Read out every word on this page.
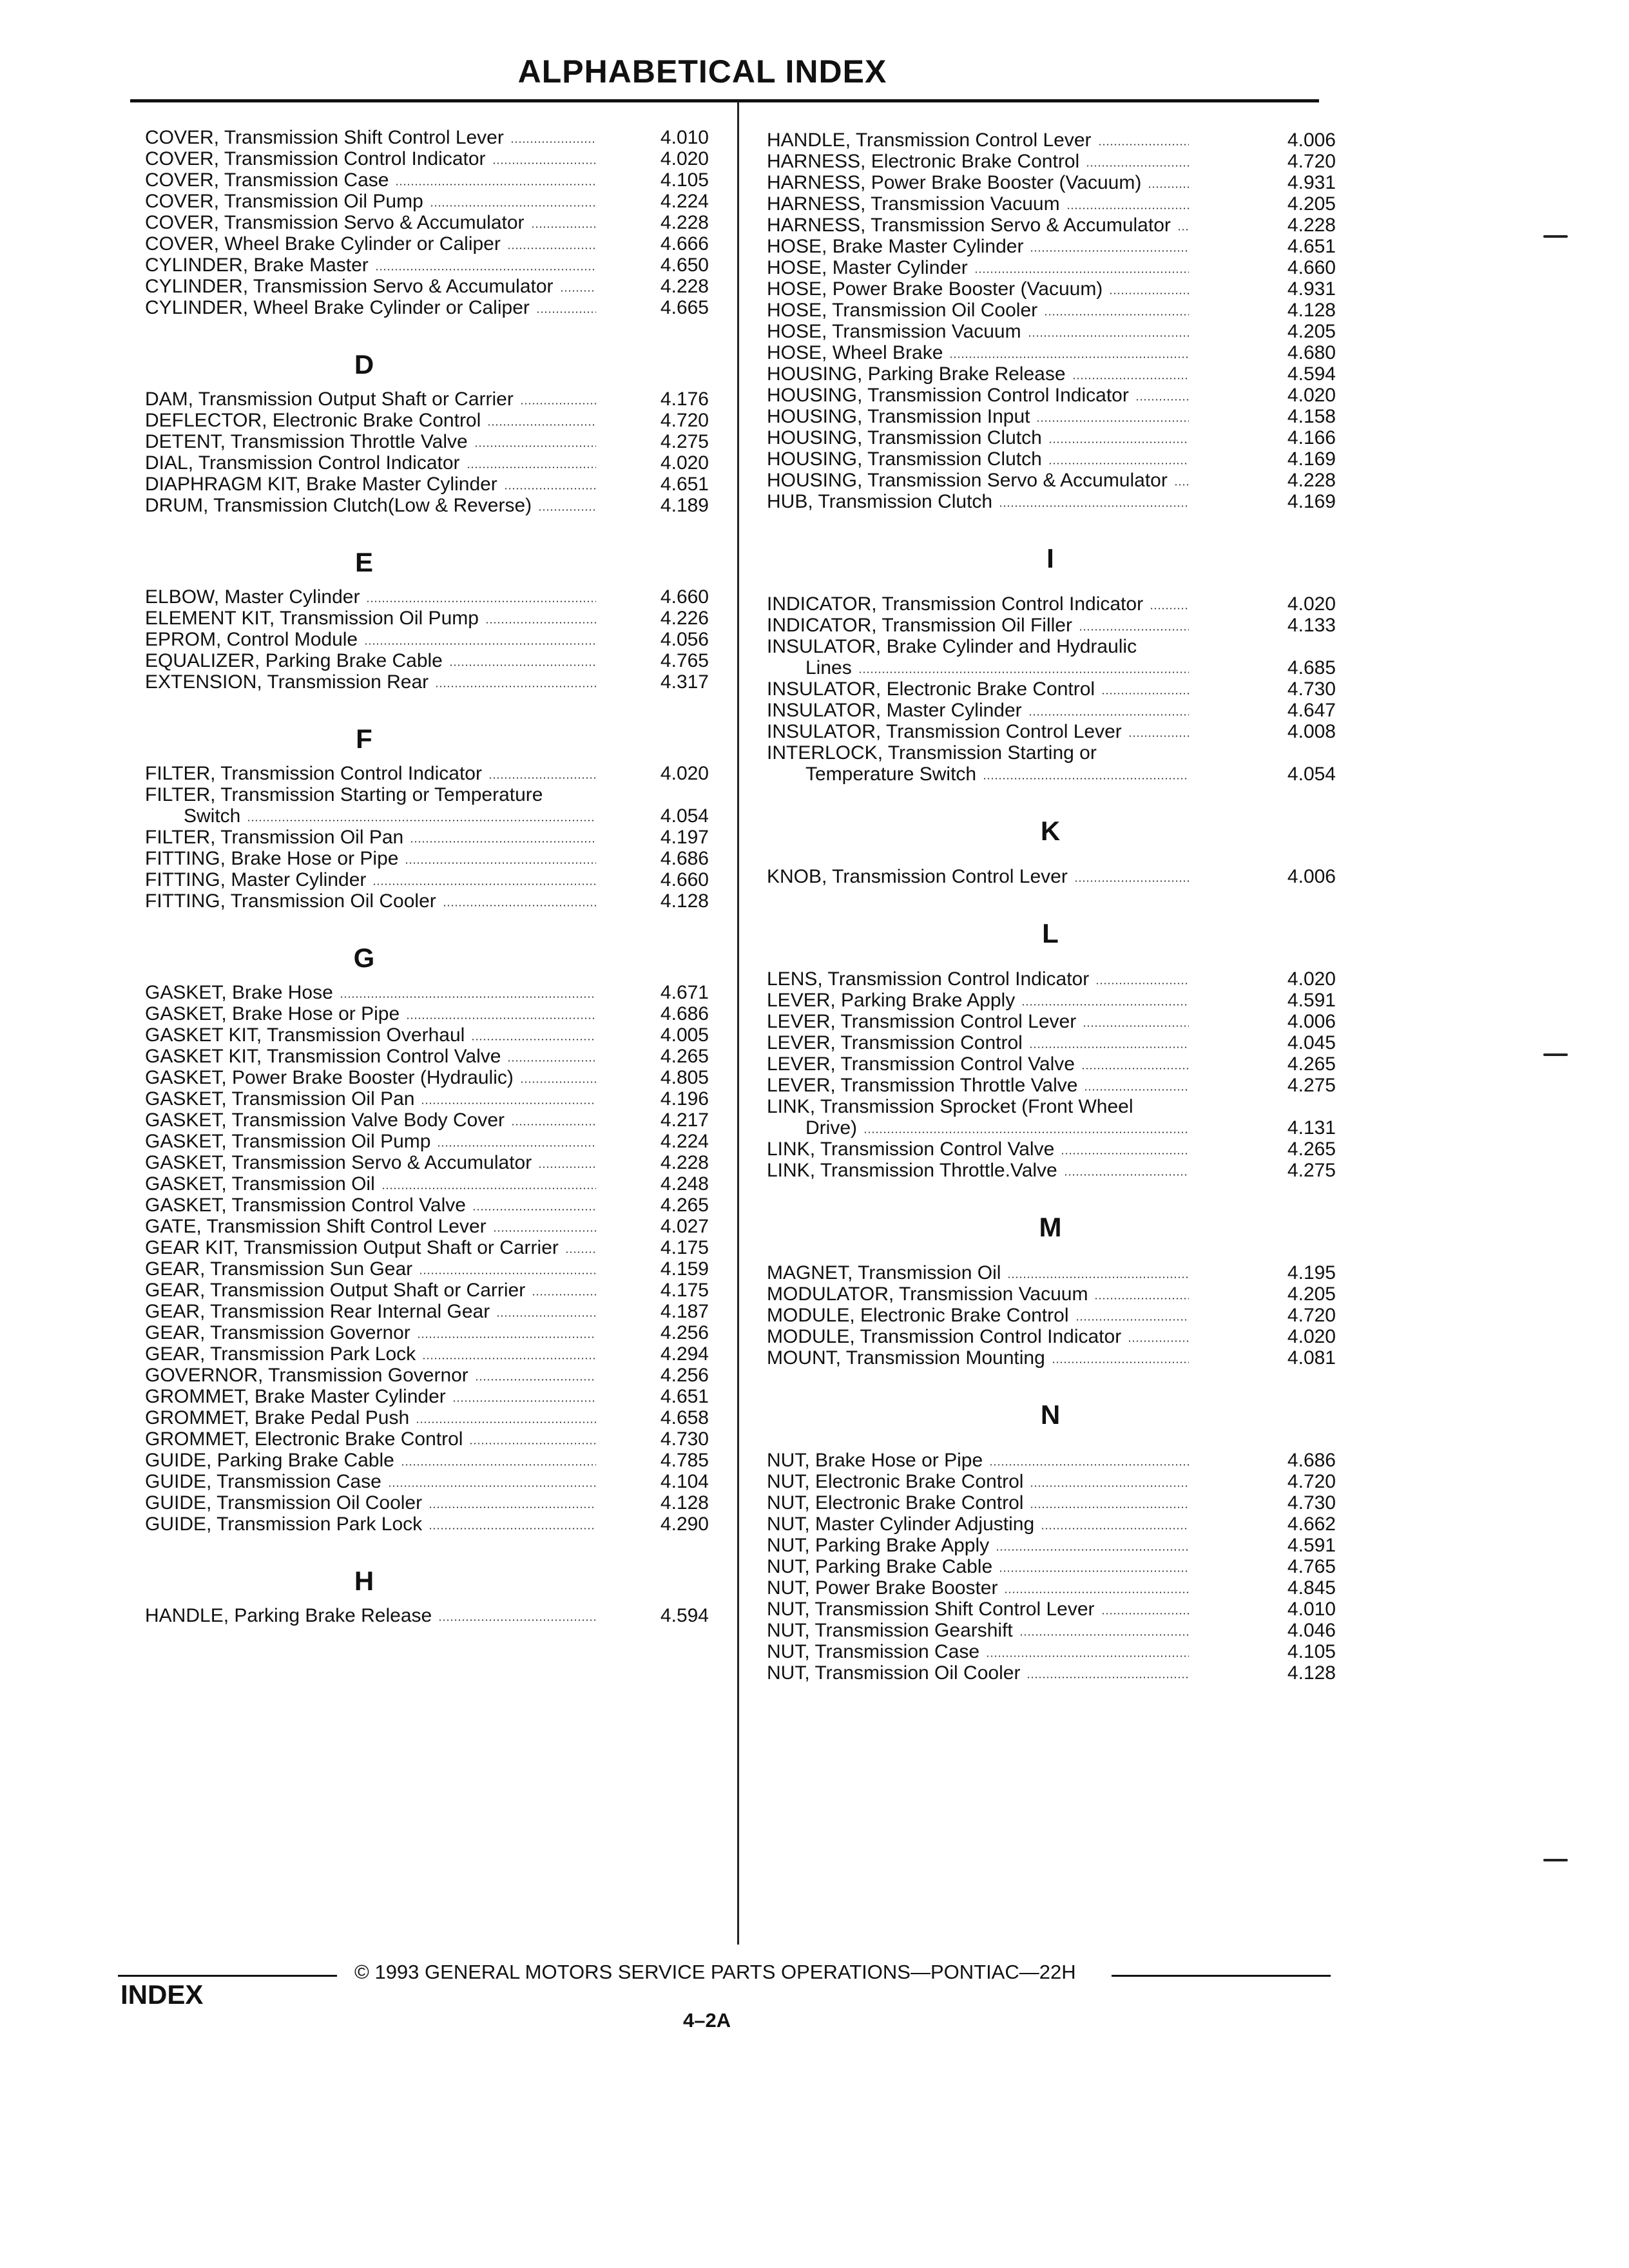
ALPHABETICAL INDEX
COVER, Transmission Shift Control Lever	4.010
COVER, Transmission Control Indicator	4.020
COVER, Transmission Case	4.105
COVER, Transmission Oil Pump	4.224
COVER, Transmission Servo & Accumulator	4.228
COVER, Wheel Brake Cylinder or Caliper	4.666
CYLINDER, Brake Master	4.650
CYLINDER, Transmission Servo & Accumulator	4.228
CYLINDER, Wheel Brake Cylinder or Caliper	4.665
D
DAM, Transmission Output Shaft or Carrier	4.176
DEFLECTOR, Electronic Brake Control	4.720
DETENT, Transmission Throttle Valve	4.275
DIAL, Transmission Control Indicator	4.020
DIAPHRAGM KIT, Brake Master Cylinder	4.651
DRUM, Transmission Clutch(Low & Reverse)	4.189
E
ELBOW, Master Cylinder	4.660
ELEMENT KIT, Transmission Oil Pump	4.226
EPROM, Control Module	4.056
EQUALIZER, Parking Brake Cable	4.765
EXTENSION, Transmission Rear	4.317
F
FILTER, Transmission Control Indicator	4.020
FILTER, Transmission Starting or Temperature
Switch	4.054
FILTER, Transmission Oil Pan	4.197
FITTING, Brake Hose or Pipe	4.686
FITTING, Master Cylinder	4.660
FITTING, Transmission Oil Cooler	4.128
G
GASKET, Brake Hose	4.671
GASKET, Brake Hose or Pipe	4.686
GASKET KIT, Transmission Overhaul	4.005
GASKET KIT, Transmission Control Valve	4.265
GASKET, Power Brake Booster (Hydraulic)	4.805
GASKET, Transmission Oil Pan	4.196
GASKET, Transmission Valve Body Cover	4.217
GASKET, Transmission Oil Pump	4.224
GASKET, Transmission Servo & Accumulator	4.228
GASKET, Transmission Oil	4.248
GASKET, Transmission Control Valve	4.265
GATE, Transmission Shift Control Lever	4.027
GEAR KIT, Transmission Output Shaft or Carrier	4.175
GEAR, Transmission Sun Gear	4.159
GEAR, Transmission Output Shaft or Carrier	4.175
GEAR, Transmission Rear Internal Gear	4.187
GEAR, Transmission Governor	4.256
GEAR, Transmission Park Lock	4.294
GOVERNOR, Transmission Governor	4.256
GROMMET, Brake Master Cylinder	4.651
GROMMET, Brake Pedal Push	4.658
GROMMET, Electronic Brake Control	4.730
GUIDE, Parking Brake Cable	4.785
GUIDE, Transmission Case	4.104
GUIDE, Transmission Oil Cooler	4.128
GUIDE, Transmission Park Lock	4.290
H
HANDLE, Parking Brake Release	4.594
HANDLE, Transmission Control Lever	4.006
HARNESS, Electronic Brake Control	4.720
HARNESS, Power Brake Booster (Vacuum)	4.931
HARNESS, Transmission Vacuum	4.205
HARNESS, Transmission Servo & Accumulator	4.228
HOSE, Brake Master Cylinder	4.651
HOSE, Master Cylinder	4.660
HOSE, Power Brake Booster (Vacuum)	4.931
HOSE, Transmission Oil Cooler	4.128
HOSE, Transmission Vacuum	4.205
HOSE, Wheel Brake	4.680
HOUSING, Parking Brake Release	4.594
HOUSING, Transmission Control Indicator	4.020
HOUSING, Transmission Input	4.158
HOUSING, Transmission Clutch	4.166
HOUSING, Transmission Clutch	4.169
HOUSING, Transmission Servo & Accumulator	4.228
HUB, Transmission Clutch	4.169
I
INDICATOR, Transmission Control Indicator	4.020
INDICATOR, Transmission Oil Filler	4.133
INSULATOR, Brake Cylinder and Hydraulic
Lines	4.685
INSULATOR, Electronic Brake Control	4.730
INSULATOR, Master Cylinder	4.647
INSULATOR, Transmission Control Lever	4.008
INTERLOCK, Transmission Starting or
Temperature Switch	4.054
K
KNOB, Transmission Control Lever	4.006
L
LENS, Transmission Control Indicator	4.020
LEVER, Parking Brake Apply	4.591
LEVER, Transmission Control Lever	4.006
LEVER, Transmission Control	4.045
LEVER, Transmission Control Valve	4.265
LEVER, Transmission Throttle Valve	4.275
LINK, Transmission Sprocket (Front Wheel
Drive)	4.131
LINK, Transmission Control Valve	4.265
LINK, Transmission Throttle.Valve	4.275
M
MAGNET, Transmission Oil	4.195
MODULATOR, Transmission Vacuum	4.205
MODULE, Electronic Brake Control	4.720
MODULE, Transmission Control Indicator	4.020
MOUNT, Transmission Mounting	4.081
N
NUT, Brake Hose or Pipe	4.686
NUT, Electronic Brake Control	4.720
NUT, Electronic Brake Control	4.730
NUT, Master Cylinder Adjusting	4.662
NUT, Parking Brake Apply	4.591
NUT, Parking Brake Cable	4.765
NUT, Power Brake Booster	4.845
NUT, Transmission Shift Control Lever	4.010
NUT, Transmission Gearshift	4.046
NUT, Transmission Case	4.105
NUT, Transmission Oil Cooler	4.128
© 1993 GENERAL MOTORS SERVICE PARTS OPERATIONS—PONTIAC—22H
INDEX
4–2A
